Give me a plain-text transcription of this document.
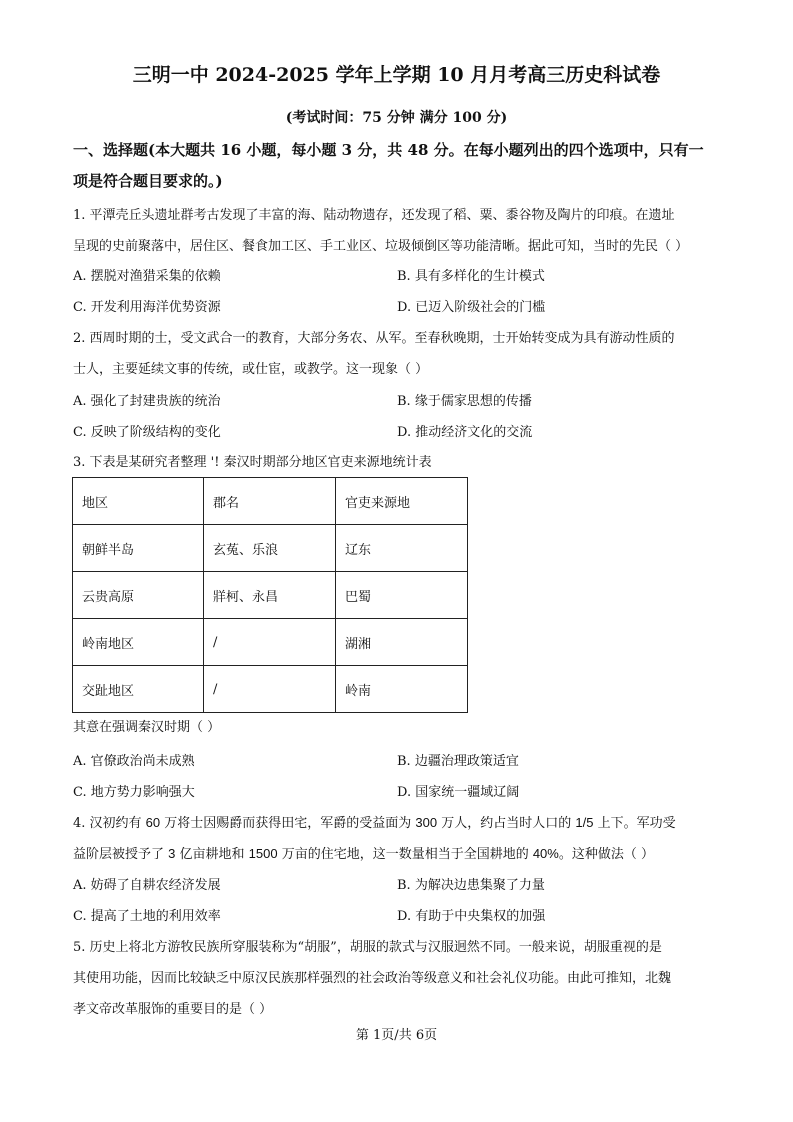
三明一中 2024-2025 学年上学期 10 月月考高三历史科试卷
(考试时间：75 分钟 满分 100 分)
一、选择题(本大题共 16 小题，每小题 3 分，共 48 分。在每小题列出的四个选项中，只有一
项是符合题目要求的。)
1. 平潭壳丘头遗址群考古发现了丰富的海、陆动物遗存，还发现了稻、粟、黍谷物及陶片的印痕。在遗址
呈现的史前聚落中，居住区、餐食加工区、手工业区、垃圾倾倒区等功能清晰。据此可知，当时的先民（ ）
A. 摆脱对渔猎采集的依赖	B. 具有多样化的生计模式
C. 开发利用海洋优势资源	D. 已迈入阶级社会的门槛
2. 西周时期的士，受文武合一的教育，大部分务农、从军。至春秋晚期，士开始转变成为具有游动性质的
士人，主要延续文事的传统，或仕宦，或教学。这一现象（ ）
A. 强化了封建贵族的统治	B. 缘于儒家思想的传播
C. 反映了阶级结构的变化	D. 推动经济文化的交流
3. 下表是某研究者整理 '! 秦汉时期部分地区官吏来源地统计表
地区	郡名	官吏来源地
朝鲜半岛	玄菟、乐浪	辽东
云贵高原	牂柯、永昌	巴蜀
岭南地区	/	湖湘
交趾地区	/	岭南
其意在强调秦汉时期（ ）
A. 官僚政治尚未成熟	B. 边疆治理政策适宜
C. 地方势力影响强大	D. 国家统一疆域辽阔
4. 汉初约有 60 万将士因赐爵而获得田宅，军爵的受益面为 300 万人，约占当时人口的 1/5 上下。军功受
益阶层被授予了 3 亿亩耕地和 1500 万亩的住宅地，这一数量相当于全国耕地的 40%。这种做法（ ）
A. 妨碍了自耕农经济发展	B. 为解决边患集聚了力量
C. 提高了土地的利用效率	D. 有助于中央集权的加强
5. 历史上将北方游牧民族所穿服装称为“胡服”，胡服的款式与汉服迥然不同。一般来说，胡服重视的是
其使用功能，因而比较缺乏中原汉民族那样强烈的社会政治等级意义和社会礼仪功能。由此可推知，北魏
孝文帝改革服饰的重要目的是（ ）
第 1页/共 6页
